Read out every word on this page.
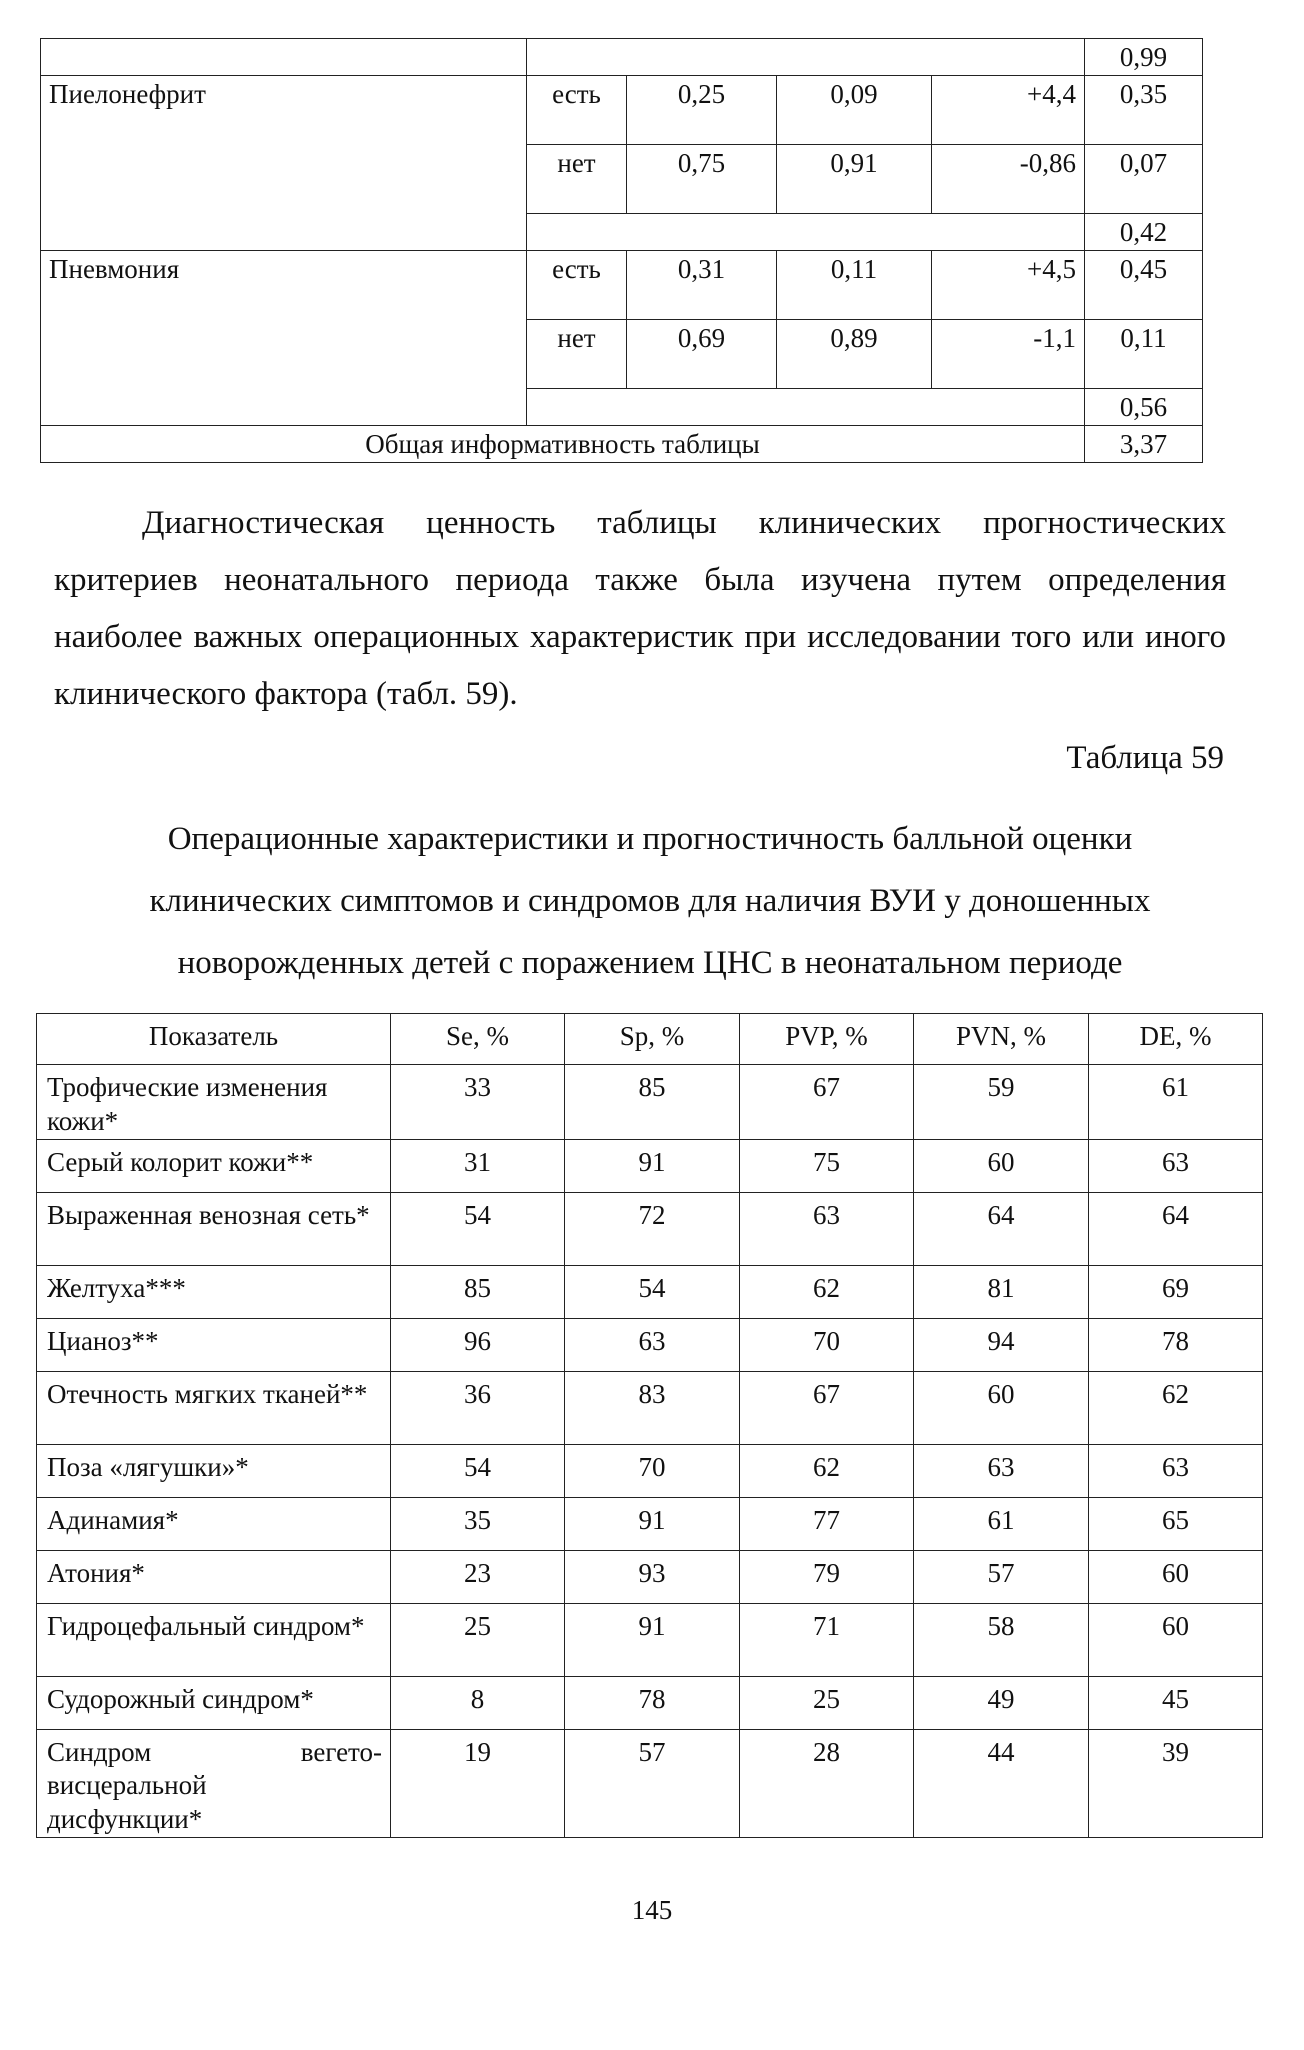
					0,99
Пиелонефрит	есть	0,25	0,09	+4,4	0,35
	нет	0,75	0,91	-0,86	0,07
					0,42
Пневмония	есть	0,31	0,11	+4,5	0,45
	нет	0,69	0,89	-1,1	0,11
					0,56
Общая информативность таблицы					3,37

Диагностическая ценность таблицы клинических прогностических критериев неонатального периода также была изучена путем определения наиболее важных операционных характеристик при исследовании того или иного клинического фактора (табл. 59).

Таблица 59

Операционные характеристики и прогностичность балльной оценки
клинических симптомов и синдромов для наличия ВУИ у доношенных
новорожденных детей с поражением ЦНС в неонатальном периоде
Показатель	Se, %	Sp, %	PVP, %	PVN, %	DE, %
Трофические изменения кожи*	33	85	67	59	61
Серый колорит кожи**	31	91	75	60	63
Выраженная венозная сеть*	54	72	63	64	64
Желтуха***	85	54	62	81	69
Цианоз**	96	63	70	94	78
Отечность мягких тканей**	36	83	67	60	62
Поза «лягушки»*	54	70	62	63	63
Адинамия*	35	91	77	61	65
Атония*	23	93	79	57	60
Гидроцефальный синдром*	25	91	71	58	60
Судорожный синдром*	8	78	25	49	45

Синдром вегето-
висцеральной
дисфункции*	19	57	28	44	39

145
